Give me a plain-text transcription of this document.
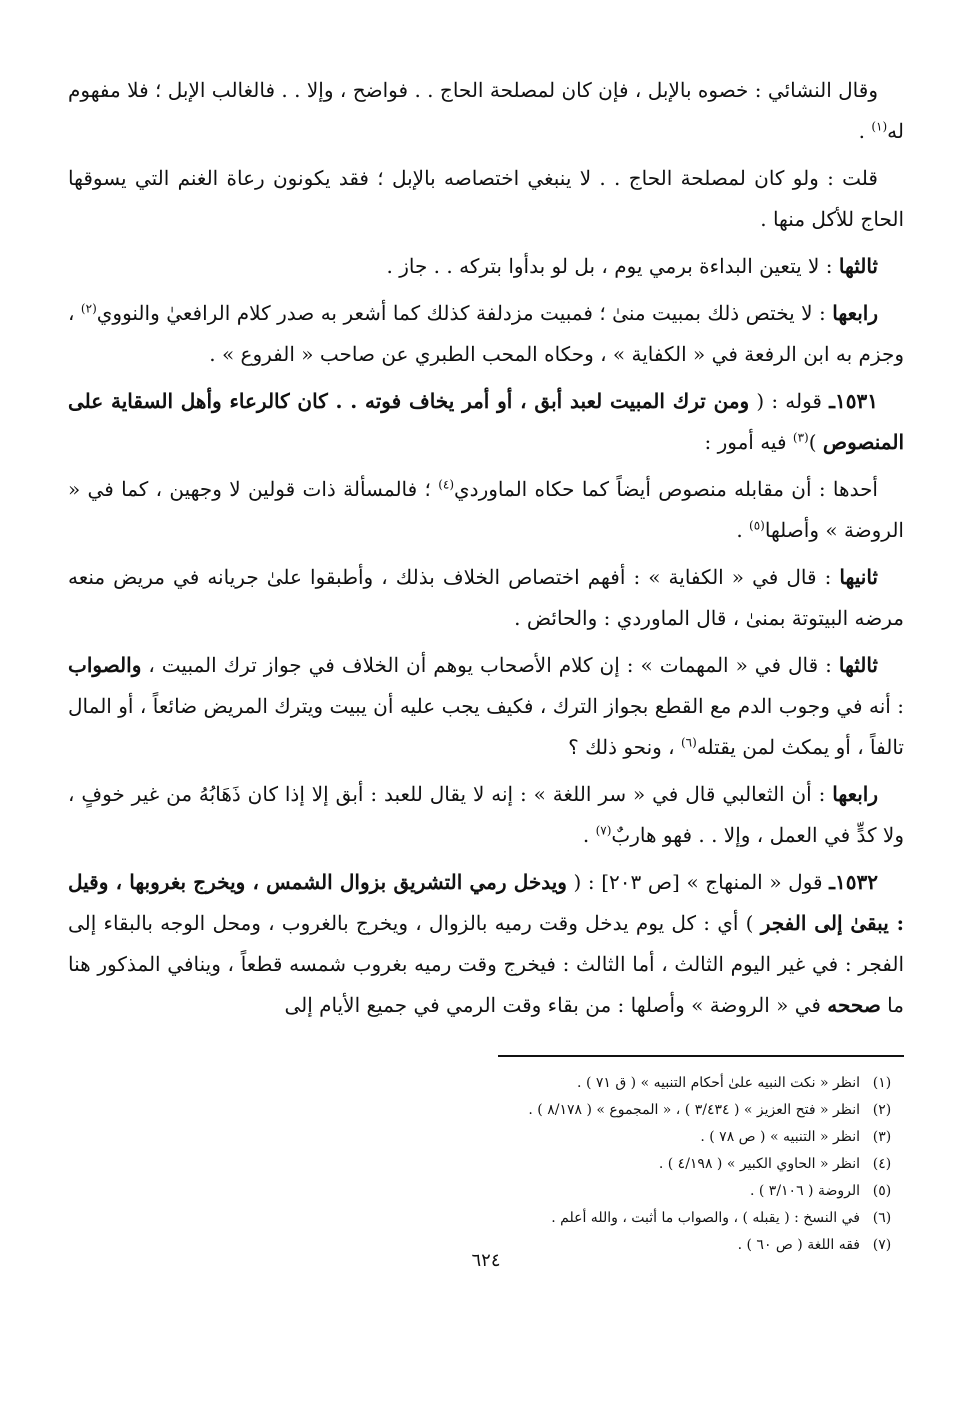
وقال النشائي : خصوه بالإبل ، فإن كان لمصلحة الحاج . . فواضح ، وإلا . . فالغالب الإبل ؛ فلا مفهوم له$^{(١)}$ .

قلت : ولو كان لمصلحة الحاج . . لا ينبغي اختصاصه بالإبل ؛ فقد يكونون رعاة الغنم التي يسوقها الحاج للأكل منها .

ثالثها : لا يتعين البداءة برمي يوم ، بل لو بدأوا بتركه . . جاز .

رابعها : لا يختص ذلك بمبيت منىٰ ؛ فمبيت مزدلفة كذلك كما أشعر به صدر كلام الرافعيٰ والنووي$^{(٢)}$ ، وجزم به ابن الرفعة في « الكفاية » ، وحكاه المحب الطبري عن صاحب « الفروع » .

١٥٣١ـ قوله : ( ومن ترك المبيت لعبد أبق ، أو أمر يخاف فوته . . كان كالرعاء وأهل السقاية على المنصوص )$^{(٣)}$ فيه أمور :

أحدها : أن مقابله منصوص أيضاً كما حكاه الماوردي$^{(٤)}$ ؛ فالمسألة ذات قولين لا وجهين ، كما في « الروضة » وأصلها$^{(٥)}$ .

ثانيها : قال في « الكفاية » : أفهم اختصاص الخلاف بذلك ، وأطبقوا علىٰ جريانه في مريض منعه مرضه البيتوتة بمنىٰ ، قال الماوردي : والحائض .

ثالثها : قال في « المهمات » : إن كلام الأصحاب يوهم أن الخلاف في جواز ترك المبيت ، والصواب : أنه في وجوب الدم مع القطع بجواز الترك ، فكيف يجب عليه أن يبيت ويترك المريض ضائعاً ، أو المال تالفاً ، أو يمكث لمن يقتله$^{(٦)}$ ، ونحو ذلك ؟

رابعها : أن الثعالبي قال في « سر اللغة » : إنه لا يقال للعبد : أبق إلا إذا كان ذَهَابُهُ من غير خوفٍ ، ولا كدٍّ في العمل ، وإلا . . فهو هاربٌ$^{(٧)}$ .

١٥٣٢ـ قول « المنهاج » [ص ٢٠٣] : ( ويدخل رمي التشريق بزوال الشمس ، ويخرج بغروبها ، وقيل : يبقىٰ إلى الفجر ) أي : كل يوم يدخل وقت رميه بالزوال ، ويخرج بالغروب ، ومحل الوجه بالبقاء إلى الفجر : في غير اليوم الثالث ، أما الثالث : فيخرج وقت رميه بغروب شمسه قطعاً ، وينافي المذكور هنا ما صححه في « الروضة » وأصلها : من بقاء وقت الرمي في جميع الأيام إلى

(١)
انظر « نكت النبيه علىٰ أحكام التنبيه » ( ق ٧١ ) .
(٢)
انظر « فتح العزيز » ( ٣/٤٣٤ ) ، « المجموع » ( ٨/١٧٨ ) .
(٣)
انظر « التنبيه » ( ص ٧٨ ) .
(٤)
انظر « الحاوي الكبير » ( ٤/١٩٨ ) .
(٥)
الروضة ( ٣/١٠٦ ) .
(٦)
في النسخ : ( يقبله ) ، والصواب ما أثبت ، والله أعلم .
(٧)
فقه اللغة ( ص ٦٠ ) .
٦٢٤
